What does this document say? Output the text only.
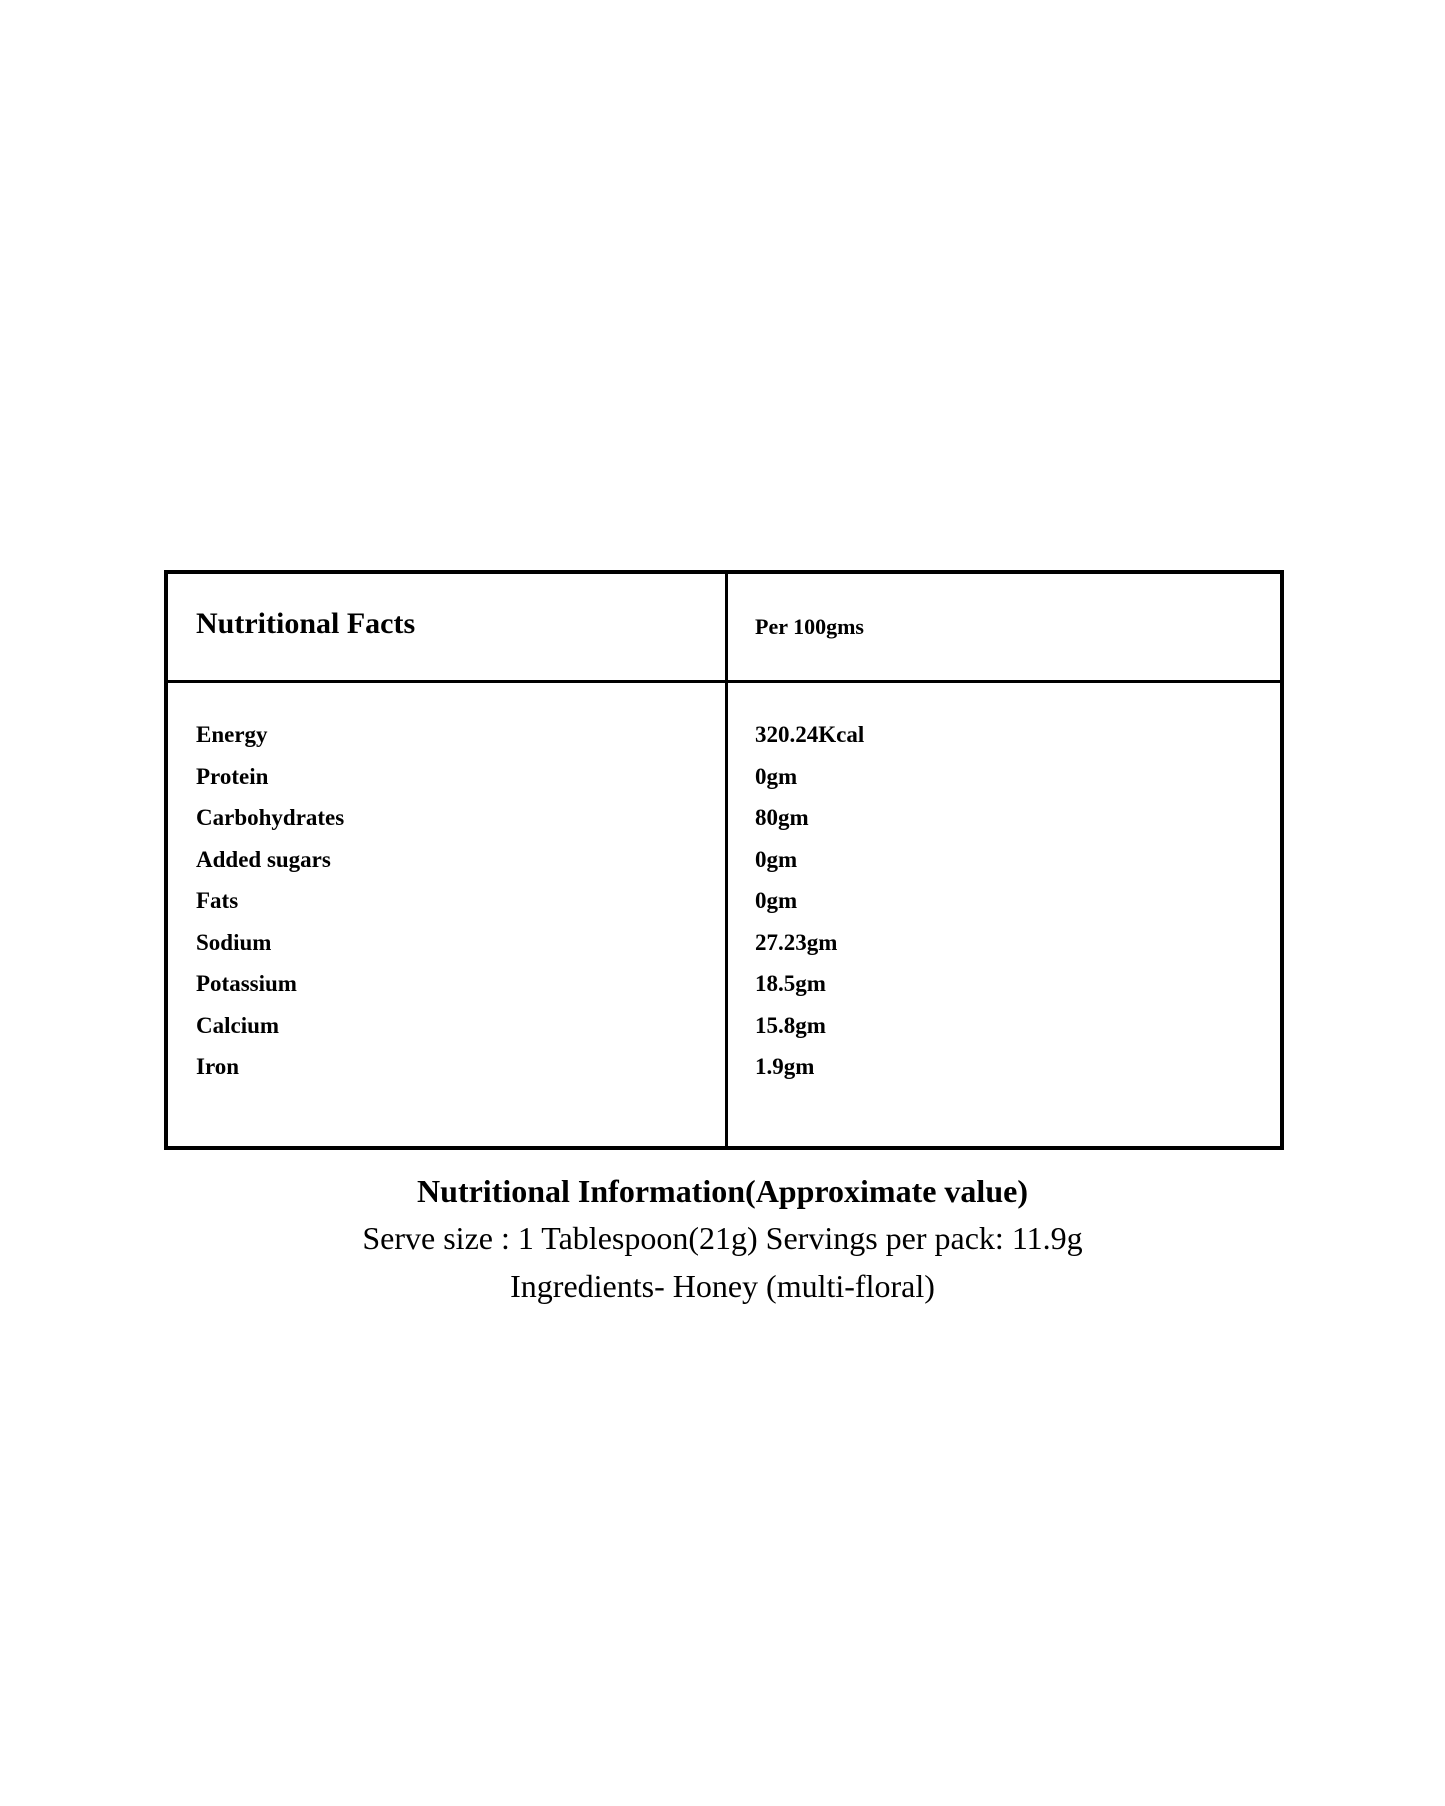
Nutritional Facts	Per 100gms
Energy
Protein
Carbohydrates
Added sugars
Fats
Sodium
Potassium
Calcium
Iron
320.24Kcal
0gm
80gm
0gm
0gm
27.23gm
18.5gm
15.8gm
1.9gm
Nutritional Information(Approximate value)
Serve size : 1 Tablespoon(21g) Servings per pack: 11.9g
Ingredients- Honey (multi-floral)
